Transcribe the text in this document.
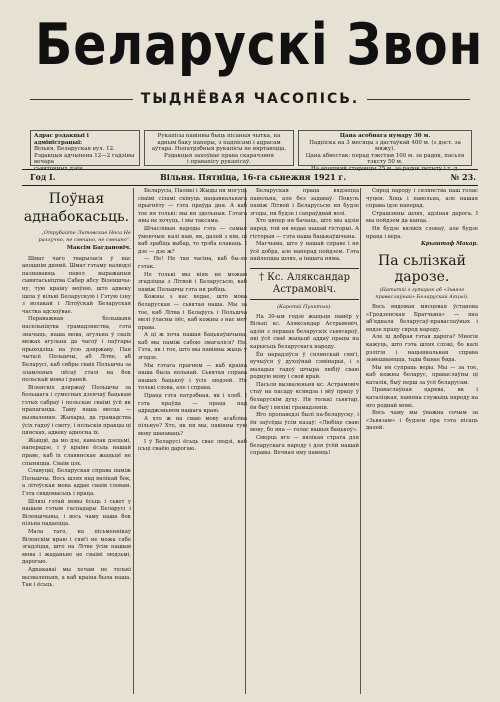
Беларускі Звон
ТЫДНЁВАЯ ЧАСОПІСЬ.
Адрас рэдакцыі і адміністрацыі:
Вільня, Беларуская вул. 12.
Рэдакцыя адчынена 12—2 гадзіны вечара
Рукапісы павінны быць пісаныя чытка, па
адным баку паперы, з падпісамі і адрасам
аўтара. Непатрэбныя рукапісы не вяртаюцца.
Рэдакцыя захоўвае права скарачэння
і правапісу рукапісаў.
Цана асобнага нумару 30 м.
Падпіска на 3 месяцы з дастаўкай 400 м. (з дост. за мяжу).
Цана абвестак: перад тэкстам 100 м. за радок, пасьля тэксту 50 м.
Год I.	Вільня. Пятніца, 16-га сьнежня 1921 г.	№ 23.
Поўная аднабокасьць.
„Отрубайте Литовские Носа Не разлучно, не смешно, не смешно“.
Максім Багдановіч.

Шмат чаго тварылася ў нас апошнім дняміі. Шмат гэтаму налюдзі пазнаваюць павол выражаныя сывятасьніцтва Сабер абсу Віленшчы-ну, тую краіну моўню, што адвеку ішла ў вільні Беларускую і Гэтую ізну з волакай і Літоўскай Беларуская частка адсхоўвае.

Пераважная большыня насельніцтва грамадзянства, гэта значыць, наша мова, агульна ў сваіх межах агульна да часоў і паўгары прыходзіць на ўсю дзяржаву. Пан чыталі Польшчы, аб Літве, аб Беларусі, каб сябры сваіх Польшчы за зламленых лёсаў сталі на бок польскай мовы і раней.

Віленскіх дзяржаў Польшчы за большага і сумесных дзеячаў бацькам гэтых сабраў і польскае сваімі ўсё як прапаганда. Таму наша месца — вызвалення. Жыхары, да грамадства ўсіх гадоў і свету, і польскія пракцы ці цянсках, адвеку адносна іх.

Жыццё, да мо дзе, кавалак дзецьмі, наперадзе, і ў краіне ёсьць нашай праве, каб іх славянскае жыцьцё не спыняцца. Сваім цэх.

Славуцкі, Беларуская справа паміж Польшчы. Вось шлях над вялікай бок, а літоўская мова аддае сваім словам. Гэта свядомасьць і праца.

Шляхі гэтай мовы ёсьць і сьвет у нашым гэтым гаспадары Беларусі і Віленшчыны, і вось чаму наша бок пільна падаецца.

Мала таго, на пісьменнікаў Віленскім краю і сям'і не можа сабе згадзіцца, што на Літве ўсім нашым мова і жаданьне яе сваімі людзьмі, дарогаю.

Аднакаваі мы хочам не толькі вызваленьня, а каб краіна была наша. Так і ёсьць.

Беларусы, Палякі і Жыды ня могуць сваімі сіламі скінуць нацыянальнага прыгнёту — гэта праўда дня. А каб тое ня толькі: мы ня здольныя. Гэтага яны не хочуць, і мы таксама.

Шчаслівыя народы гэта — самыя ўмеючыя: калі нам, як, далей з кім, ці каб зрабіць выбар, то трэба плакаць. І дзе — дзе ж?

— Не! Не тая часіна, каб бы-ло гэтак.

Не толькі мы ніяк не можам згадзіцца з Літвой і Беларусьсю, каб паміж Польшчы гэта ня робіць.

Кожны з нас ведае, што мова беларуская — сьвятая наша. Мы за тое, каб Літва і Беларусь і Польшча мелі ўласны лёс, каб кожны з нас меў права.

А ці ж хоча нашая бацькаўшчына, каб мы паміж сабою змагаліся? Не. Гэта, як і тое, што мы павінны жыць у згодзе.

Мы гэтага прагнем — каб краіна наша была вольнай. Сьвятая справа нашых бацькоў і ўсіх людзей. Ня толькі слова, але і справа.

Праца гэта патрэбная, як і хлеб. І гэта праўда — праца над адраджэньнем нашага краю.

А хто ж на сваю мову асабліва пільнуе? Хто, як ня мы, павінны тую мову шанаваць?

І ў Беларусі ёсьць свае людзі, каб ісьці сваёю дарогаю.

Беларуская праца вядзецца павольна, але без задаваў. Покуль паміж Літвой і Беларусьсю ня будзе згоды, ня будзе і сапраўднай волі.

Хто цяпер ня бачыць, што мы адзін народ, той ня ведае нашай гісторыі. А гісторыя — гэта наша бацькаўшчына.

Магчыма, што ў нашай справе і ня ўсё добра, але наперад пойдзем. Гэта найлепшы шлях, а іншага няма.

† Кс. Аляксандар Астрамовіч.
(Кароткі Пунктык).

На 30-ым годзе жыцьця памёр у Вільні кс. Аляксандар Астрамовіч, адзін з першых беларускіх сьвятароў, які ўсё сваё жыцьцё аддаў працы на карысьць беларускага народу.

Ён нарадзіўся ў сялянскай сям'і, вучыўся ў духоўнай сэмінарыі, і з маладых гадоў шчыра любіў сваю родную мову і свой край.

Пасьля вызваленьня кс. Астрамовіч стаў на пасаду ксяндза і вёў працу ў беларускім духу. Ня толькі сьвятар, ён быў і вялікі грамадзянін.

Яго пропаведзі былі па-беларуску, і ён заўсёды ўсім казаў: «Любіце сваю мову, бо яна — голас вашых бацькоў».

Смерць яго — вялікая страта для беларускага народу і для ўсёй нашай справы. Вечная яму памяць!

Сярод народу і сялянства наш голас чуцен. Хоць і павольна, але нашая справа ідзе наперад.

Страшэнны шлях, адзіная дарога. І мы пойдзем да канца.

Ня будзе вялікіх словаў, але будзе праца і вера.

Крыштаф Макар.
Па сьлізкай дарозе.
(Нататкі з гутарак аб «Зьвязе праваслаўнай» Беларускай Акцыі).

Вось вядомая мясцовая ўстанова «Гродзенская Братчына» — яна аб'яднала беларусаў-праваслаўных і вядзе працу сярод народу.

Але ці добрая гэтая дарога? Многія кажуць, што гэта шлях слізкі, бо калі рэлігія і нацыянальная справа зьмешваюцца, тады бывае бяда.

Мы ня супраць веры. Мы — за тое, каб кожны беларус, праваслаўны ці каталік, быў перш за ўсё беларусам.

Праваслаўная царква, як і каталіцкая, павінна служыць народу на яго роднай мове.

Вось чаму мы ўважна сочым за «Зьвязам» і будзем пра гэта пісаць далей.
